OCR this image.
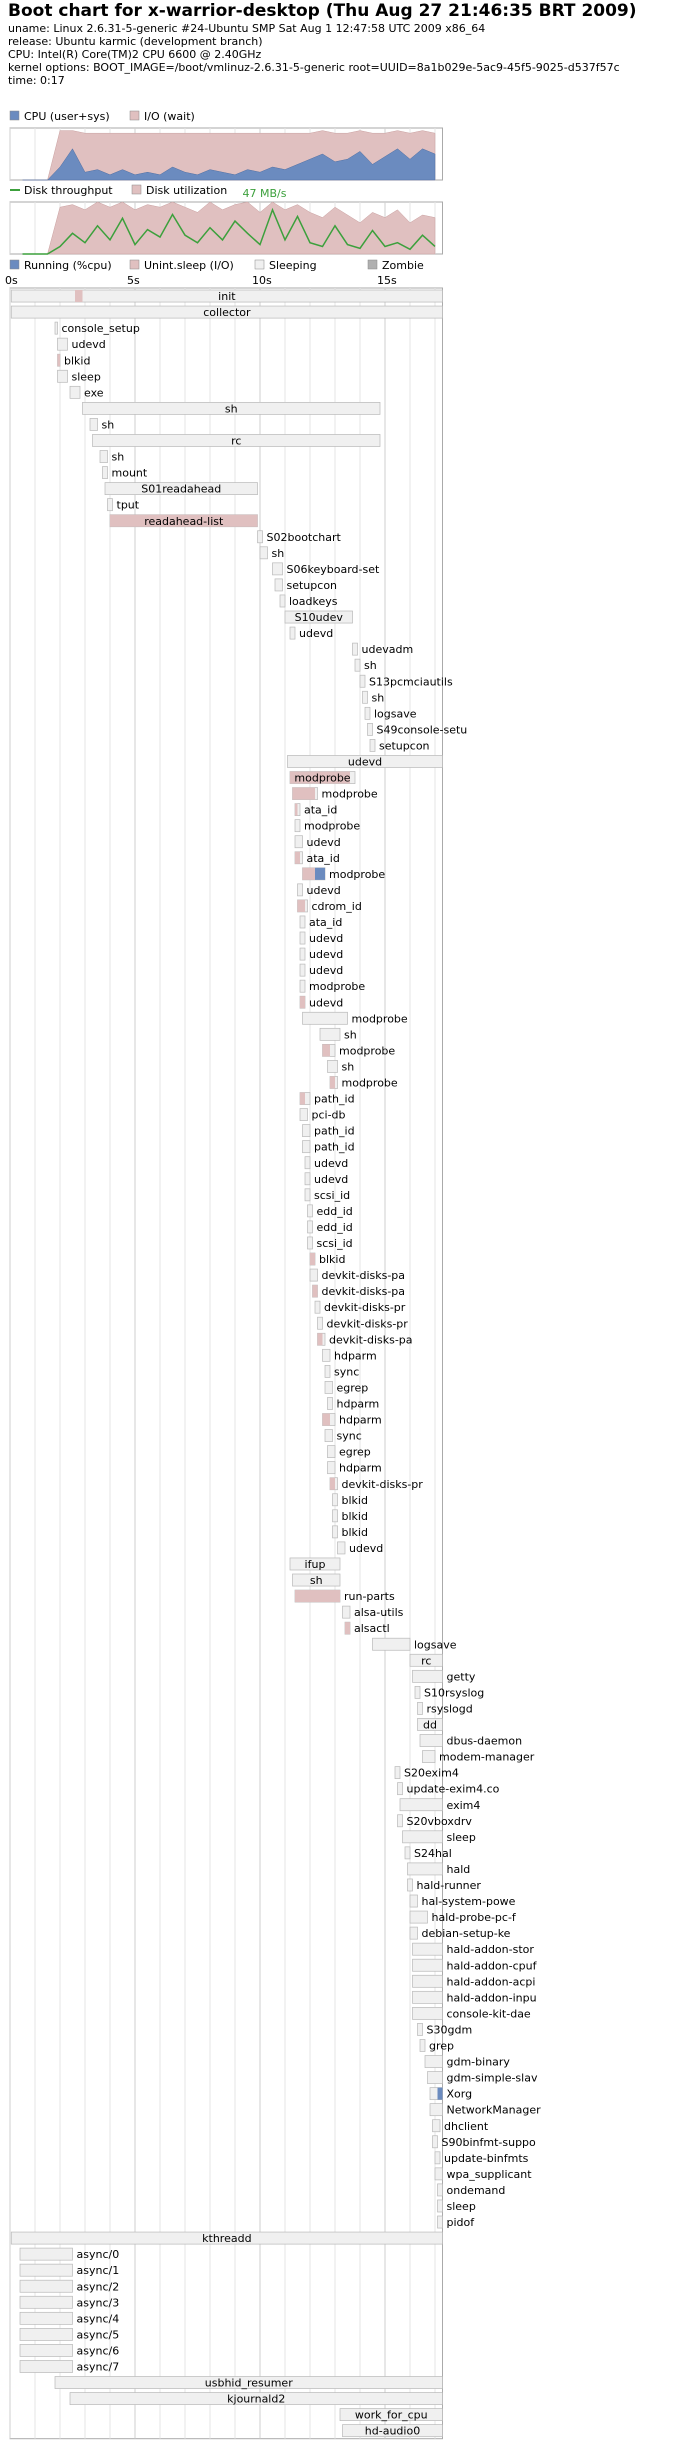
Boot chart for x-warrior-desktop (Thu Aug 27 21:46:35 BRT 2009)
uname: Linux 2.6.31-5-generic #24-Ubuntu SMP Sat Aug 1 12:47:58 UTC 2009 x86_64
release: Ubuntu karmic (development branch)
CPU: Intel(R) Core(TM)2 CPU 6600 @ 2.40GHz
kernel options: BOOT_IMAGE=/boot/vmlinuz-2.6.31-5-generic root=UUID=8a1b029e-5ac9-45f5-9025-d537f57c
time: 0:17
CPU (user+sys)	I/O (wait)
Disk throughput	Disk utilization 47 MB/s
Running (%cpu)	Unint.sleep (I/O)	Sleeping	Zombie
0s	5s	10s	15s
init
collector
console_setup
udevd
blkid
sleep
exe
sh
sh
rc
sh
mount
S01readahead
tput
readahead-list
S02bootchart
sh
S06keyboard-set
setupcon
loadkeys
S10udev
udevd
udevadm
sh
S13pcmciautils
sh
logsave
S49console-setu
setupcon
udevd
modprobe
modprobe
ata_id
modprobe
udevd
ata_id
modprobe
udevd
cdrom_id
ata_id
udevd
udevd
udevd
modprobe
udevd
modprobe
sh
modprobe
sh
modprobe
path_id
pci-db
path_id
path_id
udevd
udevd
scsi_id
edd_id
edd_id
scsi_id
blkid
devkit-disks-pa
devkit-disks-pa
devkit-disks-pr
devkit-disks-pr
devkit-disks-pa
hdparm
sync
egrep
hdparm
hdparm
sync
egrep
hdparm
devkit-disks-pr
blkid
blkid
blkid
udevd
ifup
sh
run-parts
alsa-utils
alsactl
logsave
rc
getty
S10rsyslog
rsyslogd
dd
dbus-daemon
modem-manager
S20exim4
update-exim4.co
exim4
S20vboxdrv
sleep
S24hal
hald
hald-runner
hal-system-powe
hald-probe-pc-f
debian-setup-ke
hald-addon-stor
hald-addon-cpuf
hald-addon-acpi
hald-addon-inpu
console-kit-dae
S30gdm
grep
gdm-binary
gdm-simple-slav
Xorg
NetworkManager
dhclient
S90binfmt-suppo
update-binfmts
wpa_supplicant
ondemand
sleep
pidof
kthreadd
async/0
async/1
async/2
async/3
async/4
async/5
async/6
async/7
usbhid_resumer
kjournald2
work_for_cpu
hd-audio0
